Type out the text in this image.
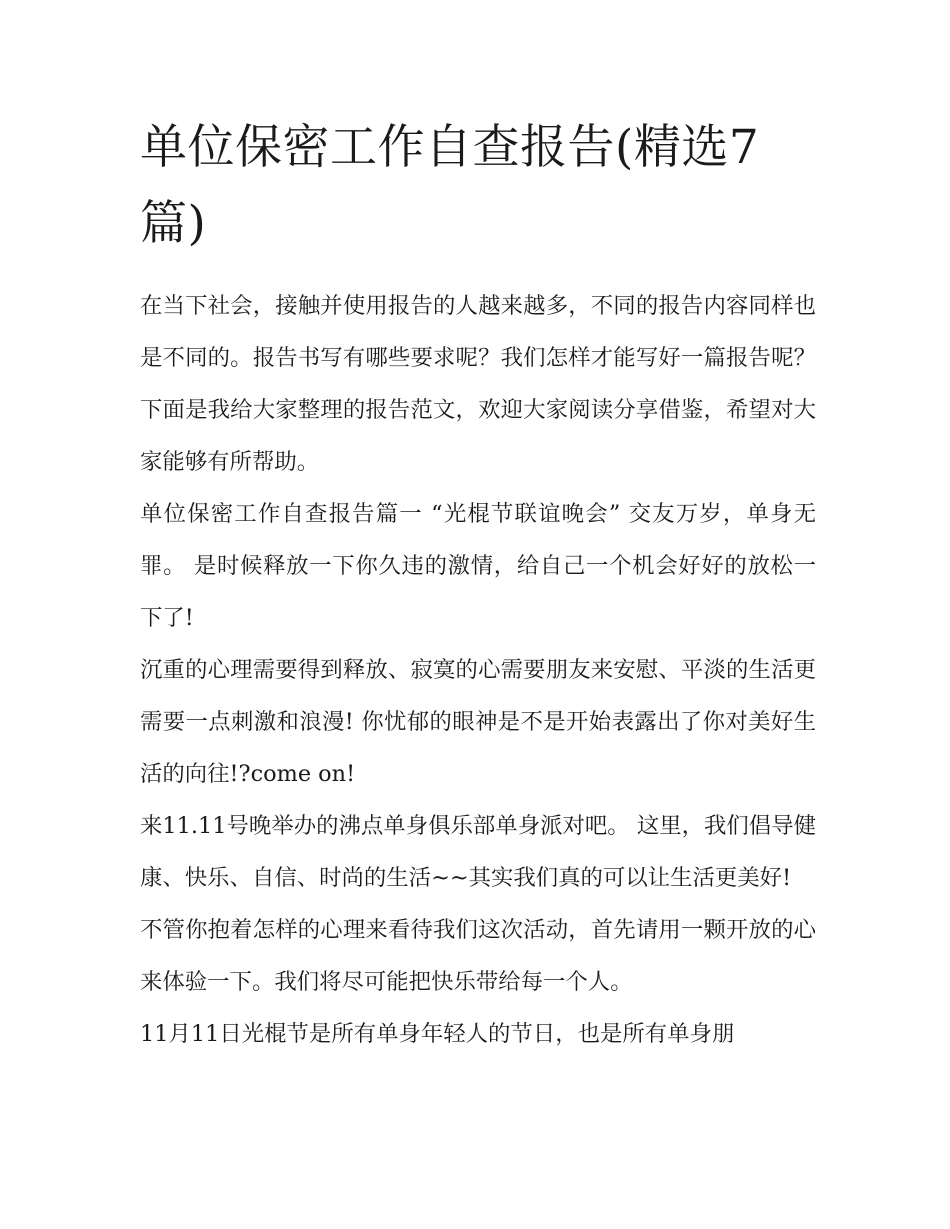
单位保密工作自查报告(精选7篇)

在当下社会，接触并使用报告的人越来越多，不同的报告内容同样也是不同的。报告书写有哪些要求呢？我们怎样才能写好一篇报告呢？下面是我给大家整理的报告范文，欢迎大家阅读分享借鉴，希望对大家能够有所帮助。

单位保密工作自查报告篇一 “光棍节联谊晚会” 交友万岁，单身无罪。 是时候释放一下你久违的激情，给自己一个机会好好的放松一下了!

沉重的心理需要得到释放、寂寞的心需要朋友来安慰、平淡的生活更需要一点刺激和浪漫! 你忧郁的眼神是不是开始表露出了你对美好生活的向往!?come on!

来11.11号晚举办的沸点单身俱乐部单身派对吧。 这里，我们倡导健康、快乐、自信、时尚的生活~~其实我们真的可以让生活更美好!

不管你抱着怎样的心理来看待我们这次活动，首先请用一颗开放的心来体验一下。我们将尽可能把快乐带给每一个人。

11月11日光棍节是所有单身年轻人的节日，也是所有单身朋
